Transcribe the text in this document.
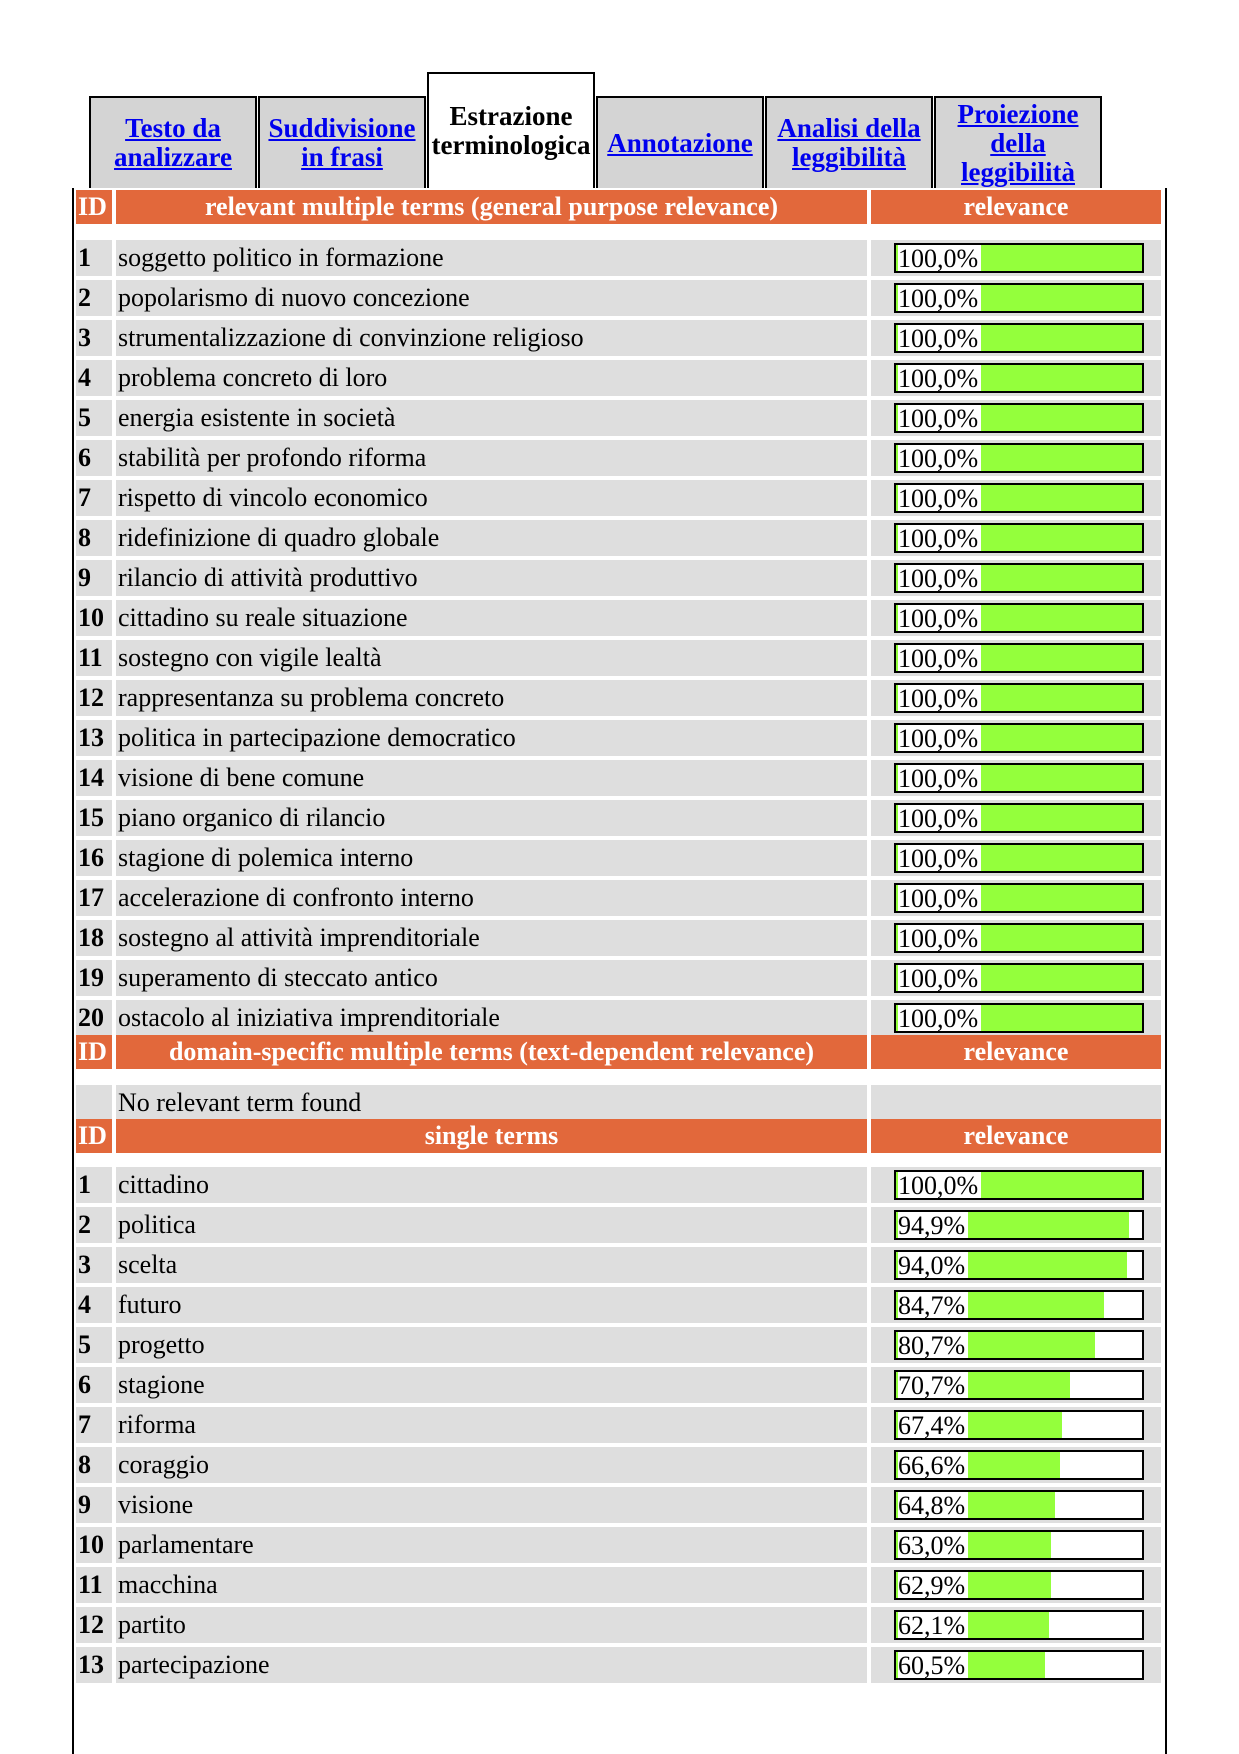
Testo da analizzare
Suddivisione in frasi
Estrazione terminologica Annotazione Analisi della leggibilità
Proiezione della leggibilità
ID	relevant multiple terms (general purpose relevance)	relevance
1	soggetto politico in formazione	100,0%
2	popolarismo di nuovo concezione	100,0%
3	strumentalizzazione di convinzione religioso	100,0%
4	problema concreto di loro	100,0%
5	energia esistente in società	100,0%
6	stabilità per profondo riforma	100,0%
7	rispetto di vincolo economico	100,0%
8	ridefinizione di quadro globale	100,0%
9	rilancio di attività produttivo	100,0%
10 cittadino su reale situazione	100,0%
11 sostegno con vigile lealtà	100,0%
12 rappresentanza su problema concreto	100,0%
13 politica in partecipazione democratico	100,0%
14 visione di bene comune	100,0%
15 piano organico di rilancio	100,0%
16 stagione di polemica interno	100,0%
17 accelerazione di confronto interno	100,0%
18 sostegno al attività imprenditoriale	100,0%
19 superamento di steccato antico	100,0%
20 ostacolo al iniziativa imprenditoriale	100,0%
ID	domain-specific multiple terms (text-dependent relevance)	relevance
No relevant term found
ID	single terms	relevance
1	cittadino	100,0%
2	politica	94,9%
3	scelta	94,0%
4	futuro	84,7%
5	progetto	80,7%
6	stagione	70,7%
7	riforma	67,4%
8	coraggio	66,6%
9	visione	64,8%
10 parlamentare	63,0%
11 macchina	62,9%
12 partito	62,1%
13 partecipazione	60,5%
